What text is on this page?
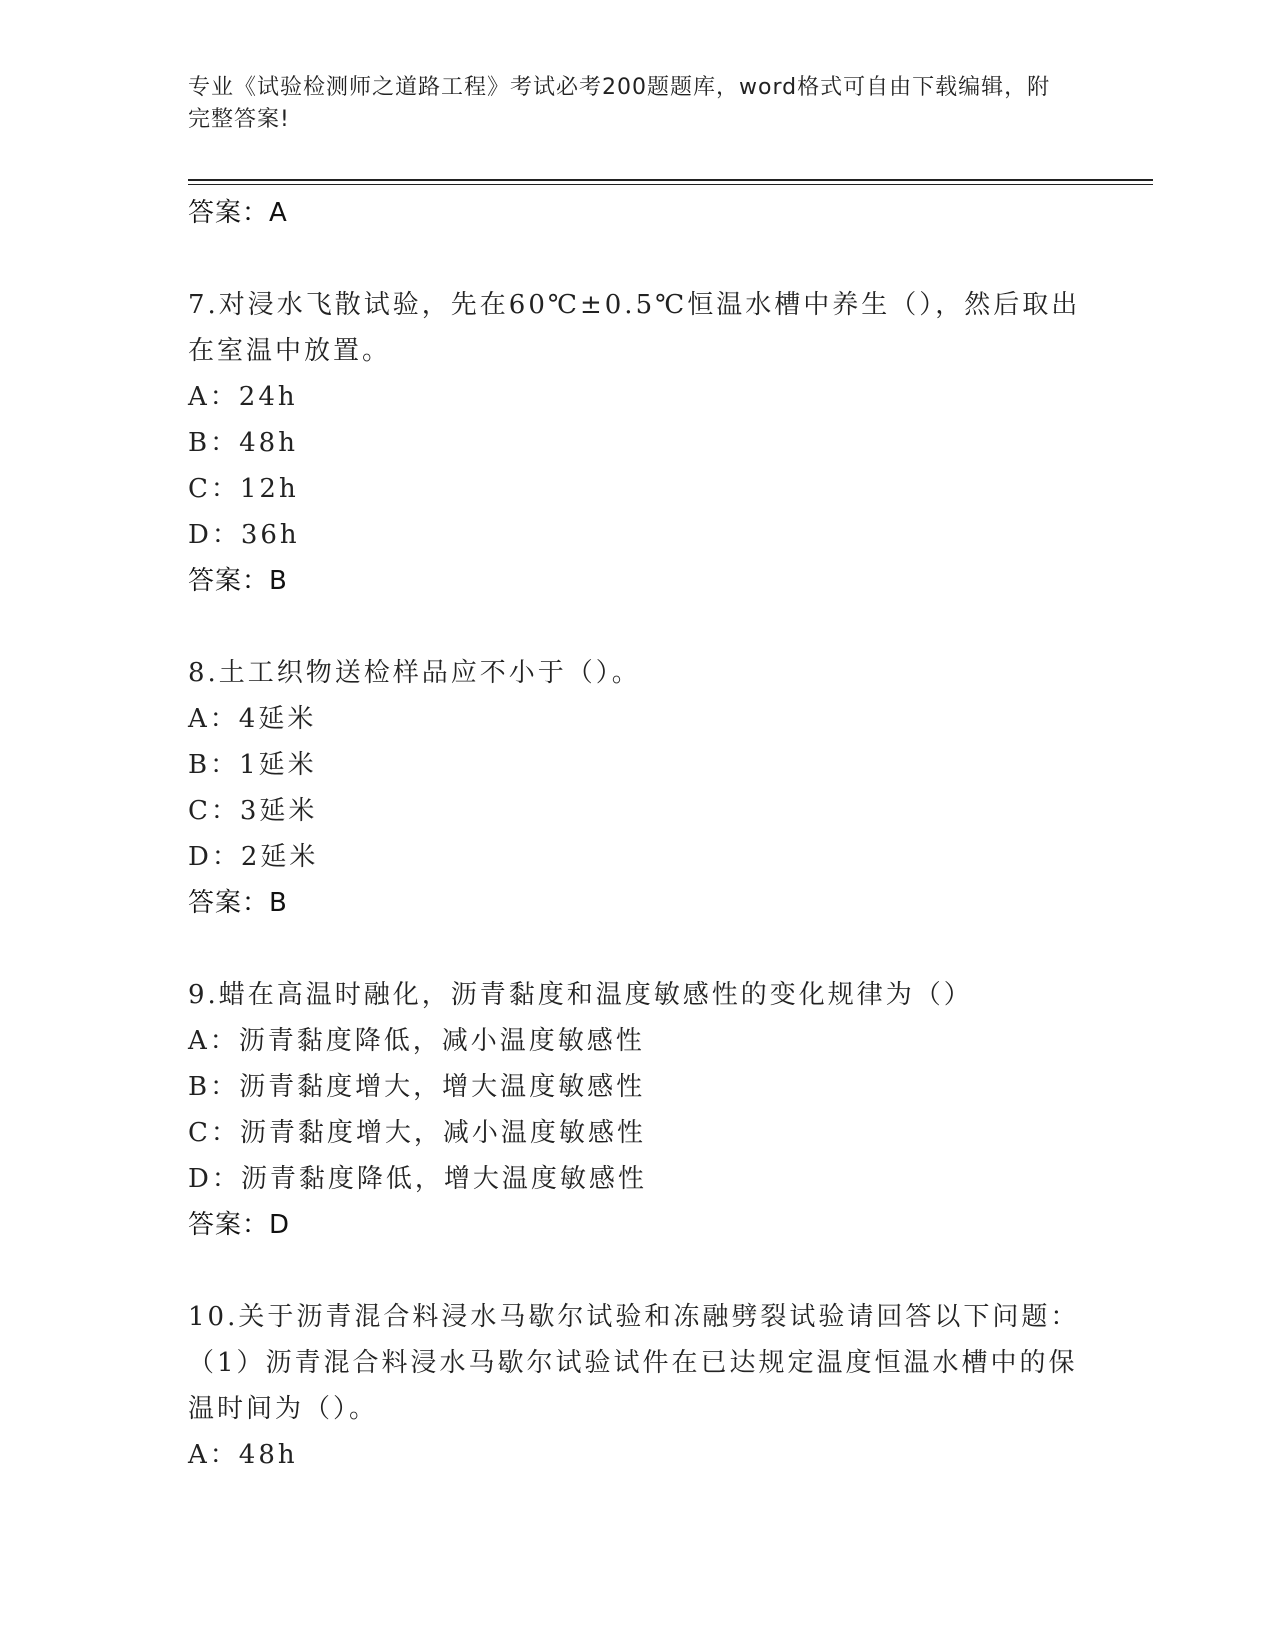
专业《试验检测师之道路工程》考试必考200题题库，word格式可自由下载编辑，附完整答案!

答案：A

7.对浸水飞散试验，先在60℃±0.5℃恒温水槽中养生（），然后取出在室温中放置。

A：24h

B：48h

C：12h

D：36h

答案：B

8.土工织物送检样品应不小于（）。

A：4延米

B：1延米

C：3延米

D：2延米

答案：B

9.蜡在高温时融化，沥青黏度和温度敏感性的变化规律为（）

A：沥青黏度降低，减小温度敏感性

B：沥青黏度增大，增大温度敏感性

C：沥青黏度增大，减小温度敏感性

D：沥青黏度降低，增大温度敏感性

答案：D

10.关于沥青混合料浸水马歇尔试验和冻融劈裂试验请回答以下问题：（1）沥青混合料浸水马歇尔试验试件在已达规定温度恒温水槽中的保温时间为（）。

A：48h
